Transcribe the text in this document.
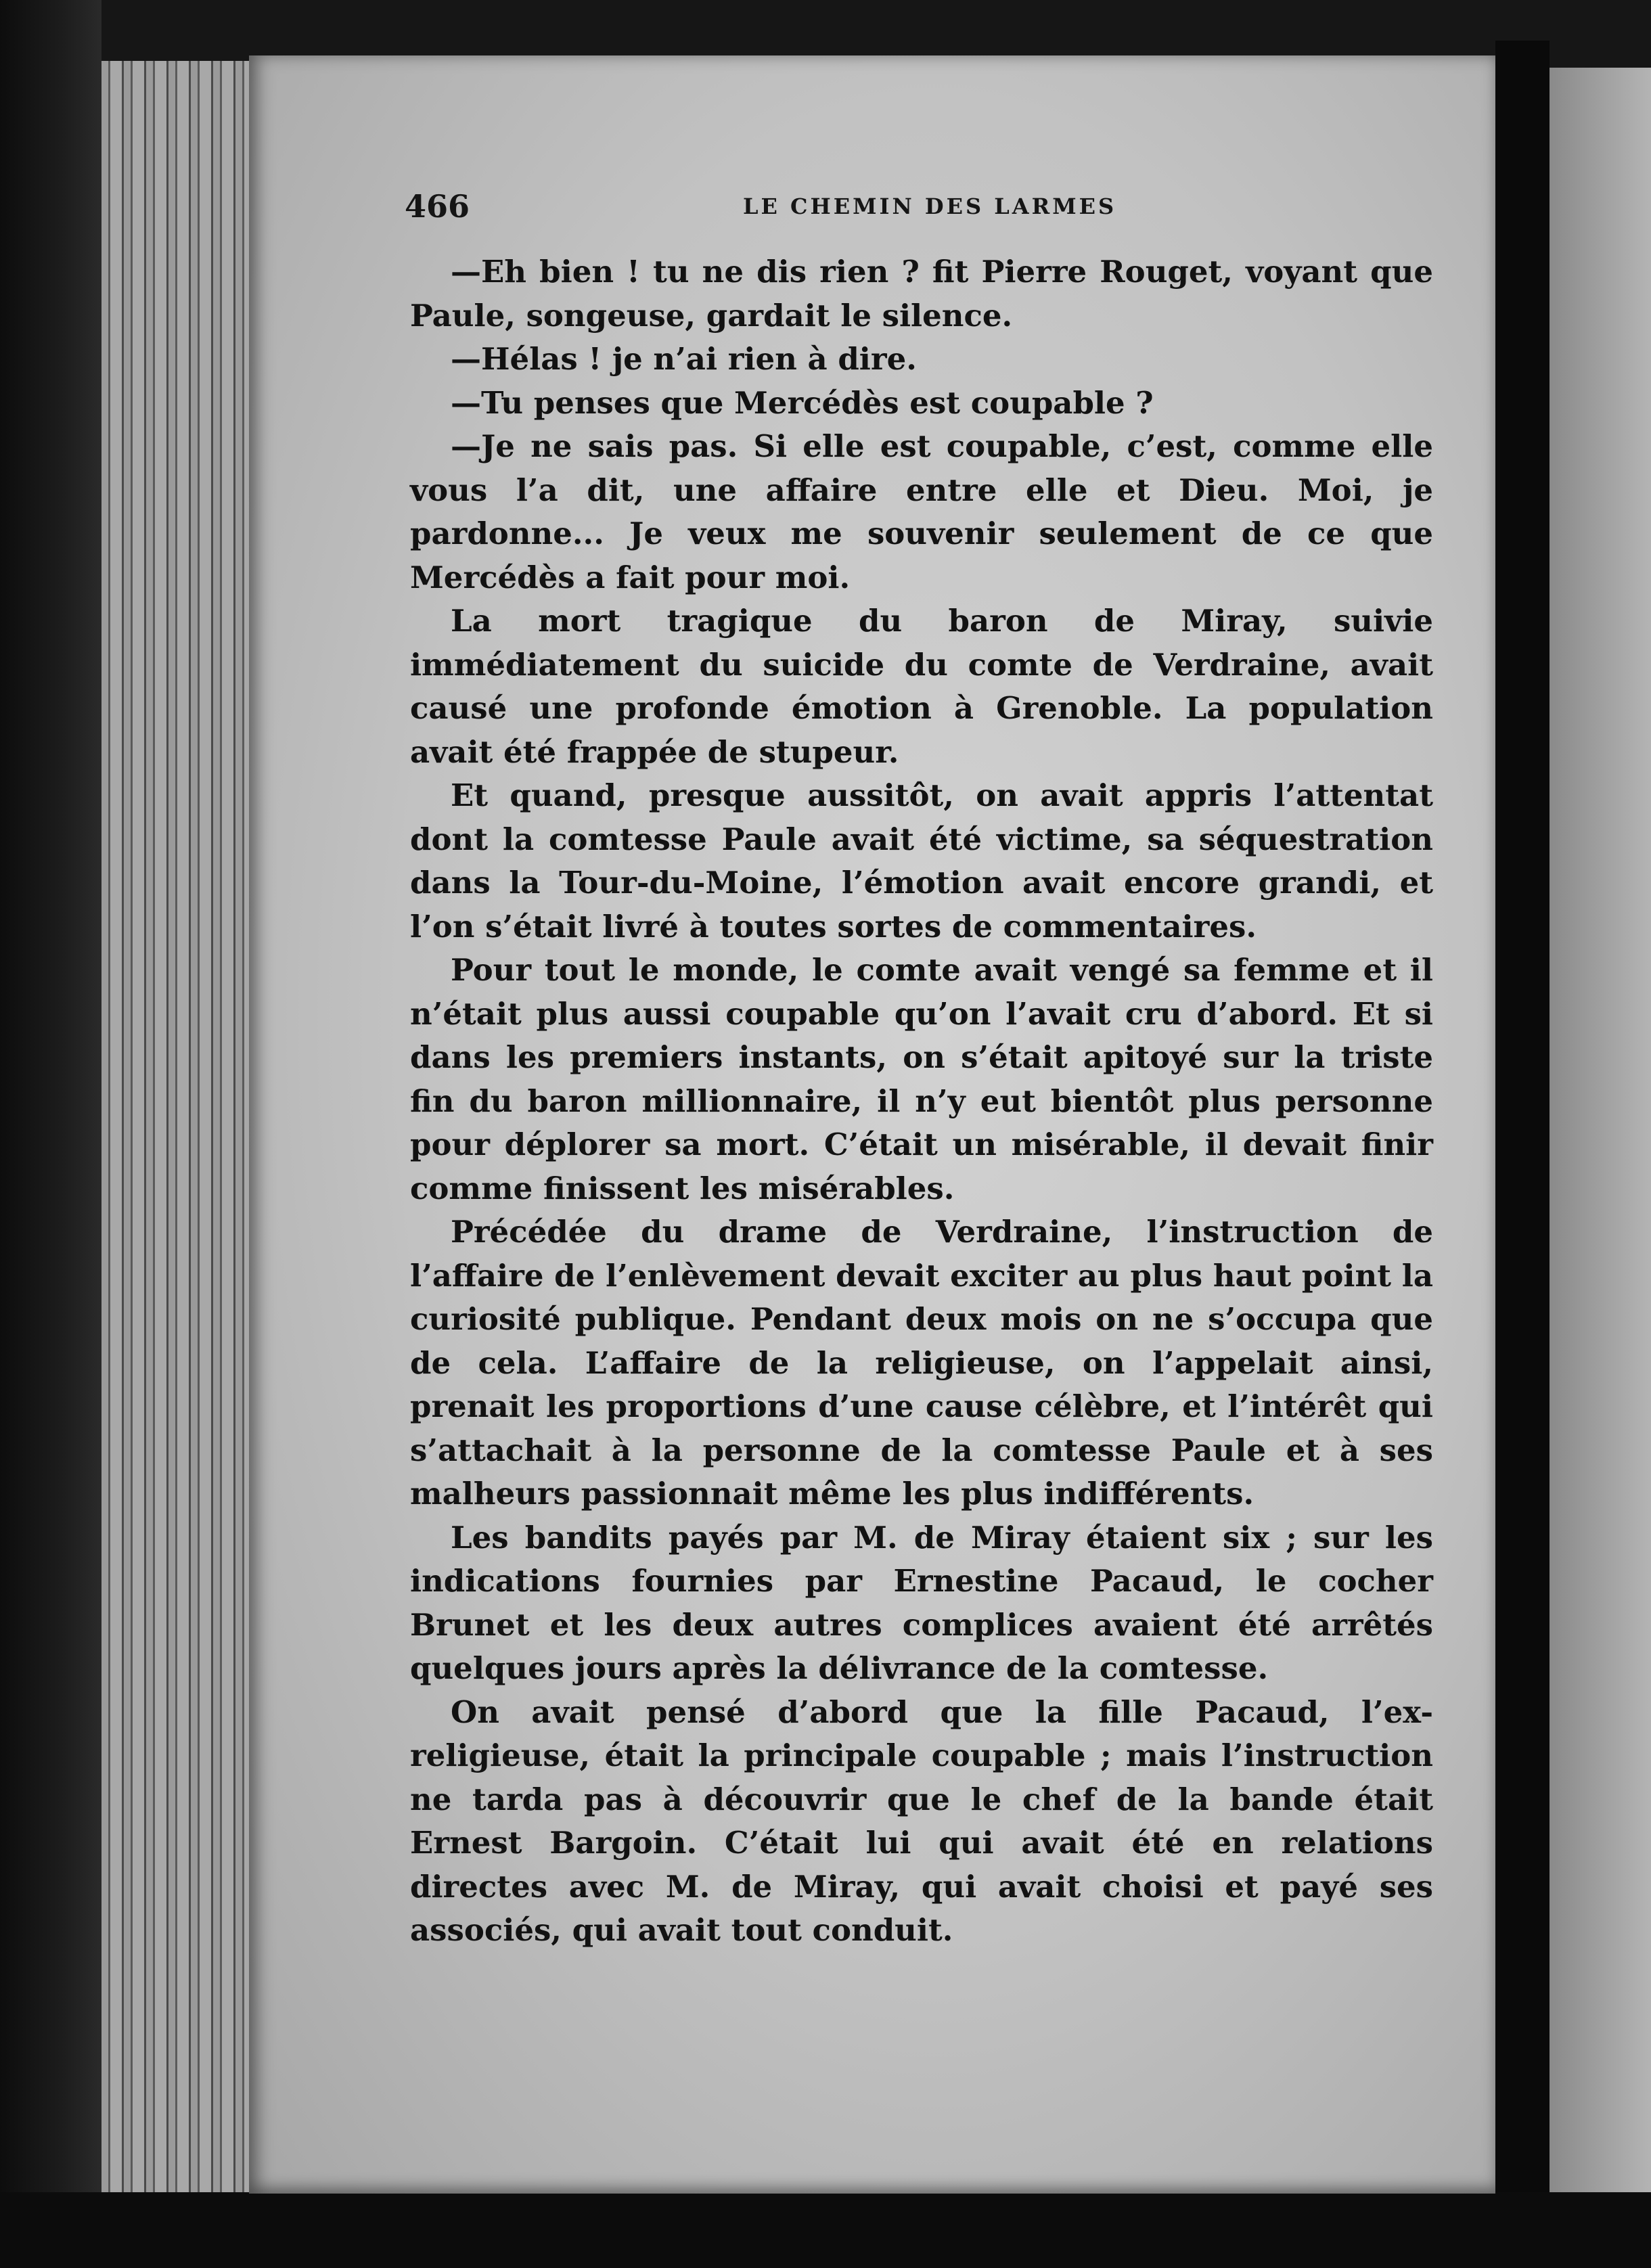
466	LE CHEMIN DES LARMES

—Eh bien ! tu ne dis rien ? fit Pierre Rouget, voyant que Paule, songeuse, gardait le silence.

—Hélas ! je n’ai rien à dire.

—Tu penses que Mercédès est coupable ?

—Je ne sais pas. Si elle est coupable, c’est, comme elle vous l’a dit, une affaire entre elle et Dieu. Moi, je pardonne... Je veux me souvenir seulement de ce que Mercédès a fait pour moi.

La mort tragique du baron de Miray, suivie immédiatement du suicide du comte de Verdraine, avait causé une profonde émotion à Grenoble. La population avait été frappée de stupeur.

Et quand, presque aussitôt, on avait appris l’attentat dont la comtesse Paule avait été victime, sa séquestration dans la Tour-du-Moine, l’émotion avait encore grandi, et l’on s’était livré à toutes sortes de commentaires.

Pour tout le monde, le comte avait vengé sa femme et il n’était plus aussi coupable qu’on l’avait cru d’abord. Et si dans les premiers instants, on s’était apitoyé sur la triste fin du baron millionnaire, il n’y eut bientôt plus personne pour déplorer sa mort. C’était un misérable, il devait finir comme finissent les misérables.

Précédée du drame de Verdraine, l’instruction de l’affaire de l’enlèvement devait exciter au plus haut point la curiosité publique. Pendant deux mois on ne s’occupa que de cela. L’affaire de la religieuse, on l’appelait ainsi, prenait les proportions d’une cause célèbre, et l’intérêt qui s’attachait à la personne de la comtesse Paule et à ses malheurs passionnait même les plus indifférents.

Les bandits payés par M. de Miray étaient six ; sur les indications fournies par Ernestine Pacaud, le cocher Brunet et les deux autres complices avaient été arrêtés quelques jours après la délivrance de la comtesse.

On avait pensé d’abord que la fille Pacaud, l’ex-religieuse, était la principale coupable ; mais l’instruction ne tarda pas à découvrir que le chef de la bande était Ernest Bargoin. C’était lui qui avait été en relations directes avec M. de Miray, qui avait choisi et payé ses associés, qui avait tout conduit.
